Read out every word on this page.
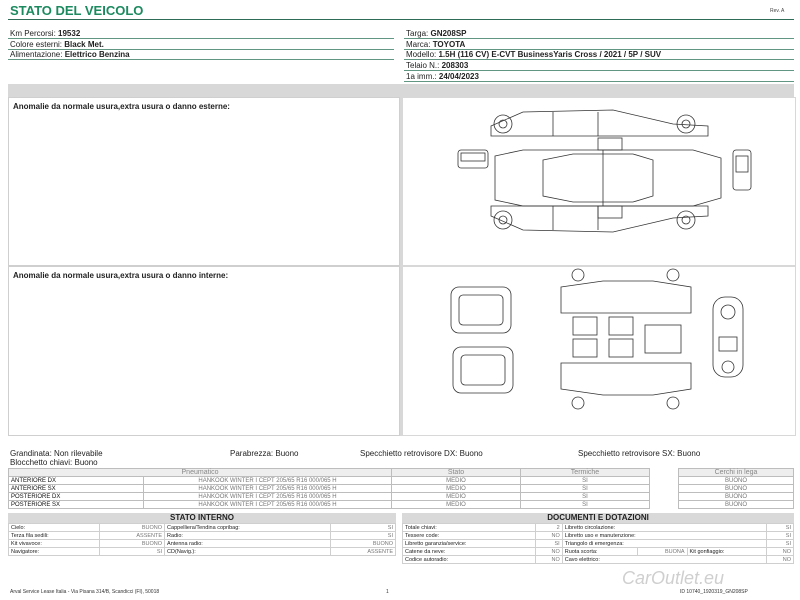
STATO DEL VEICOLO	Rev. A
Km Percorsi: 19532
Colore esterni: Black Met.
Alimentazione: Elettrico Benzina
Targa: GN208SP
Marca: TOYOTA
Modello: 1.5H (116 CV) E-CVT BusinessYaris Cross / 2021 / 5P / SUV
Telaio N.: 208303
1a imm.: 24/04/2023
Anomalie da normale usura,extra usura o danno esterne:
Anomalie da normale usura,extra usura o danno interne:
Grandinata: Non rilevabile	Parabrezza: Buono	Specchietto retrovisore DX: Buono	Specchietto retrovisore SX: Buono
Blocchetto chiavi: Buono
Pneumatico		Stato	Termiche		Cerchi in lega
ANTERIORE DX	HANKOOK WINTER I CEPT 205/65 R16 000/065 H	MEDIO	SI		BUONO
ANTERIORE SX	HANKOOK WINTER I CEPT 205/65 R16 000/065 H	MEDIO	SI		BUONO
POSTERIORE DX	HANKOOK WINTER I CEPT 205/65 R16 000/065 H	MEDIO	SI		BUONO
POSTERIORE SX	HANKOOK WINTER I CEPT 205/65 R16 000/065 H	MEDIO	SI		BUONO
STATO INTERNO
Cielo:	BUONO	Cappelliera/Tendina copribag:	SI
Terza fila sedili:	ASSENTE	Radio:	SI
Kit vivavoce:	BUONO	Antenna radio:	BUONO
Navigatore:	SI	CD(Navig.):	ASSENTE
DOCUMENTI E DOTAZIONI
Totale chiavi:	2	Libretto circolazione:			SI
Tessere code:	NO	Libretto uso e manutenzione:			SI
Libretto garanzia/service:	SI	Triangolo di emergenza:			SI
Catene da neve:	NO	Ruota scorta:	BUONA	Kit gonfiaggio:	NO
Codice autoradio:	NO	Cavo elettrico:			NO
Arval Service Lease Italia - Via Pisana 314/B, Scandicci (FI), 50018	1	ID 10740_1920319_GN208SP
CarOutlet.eu
